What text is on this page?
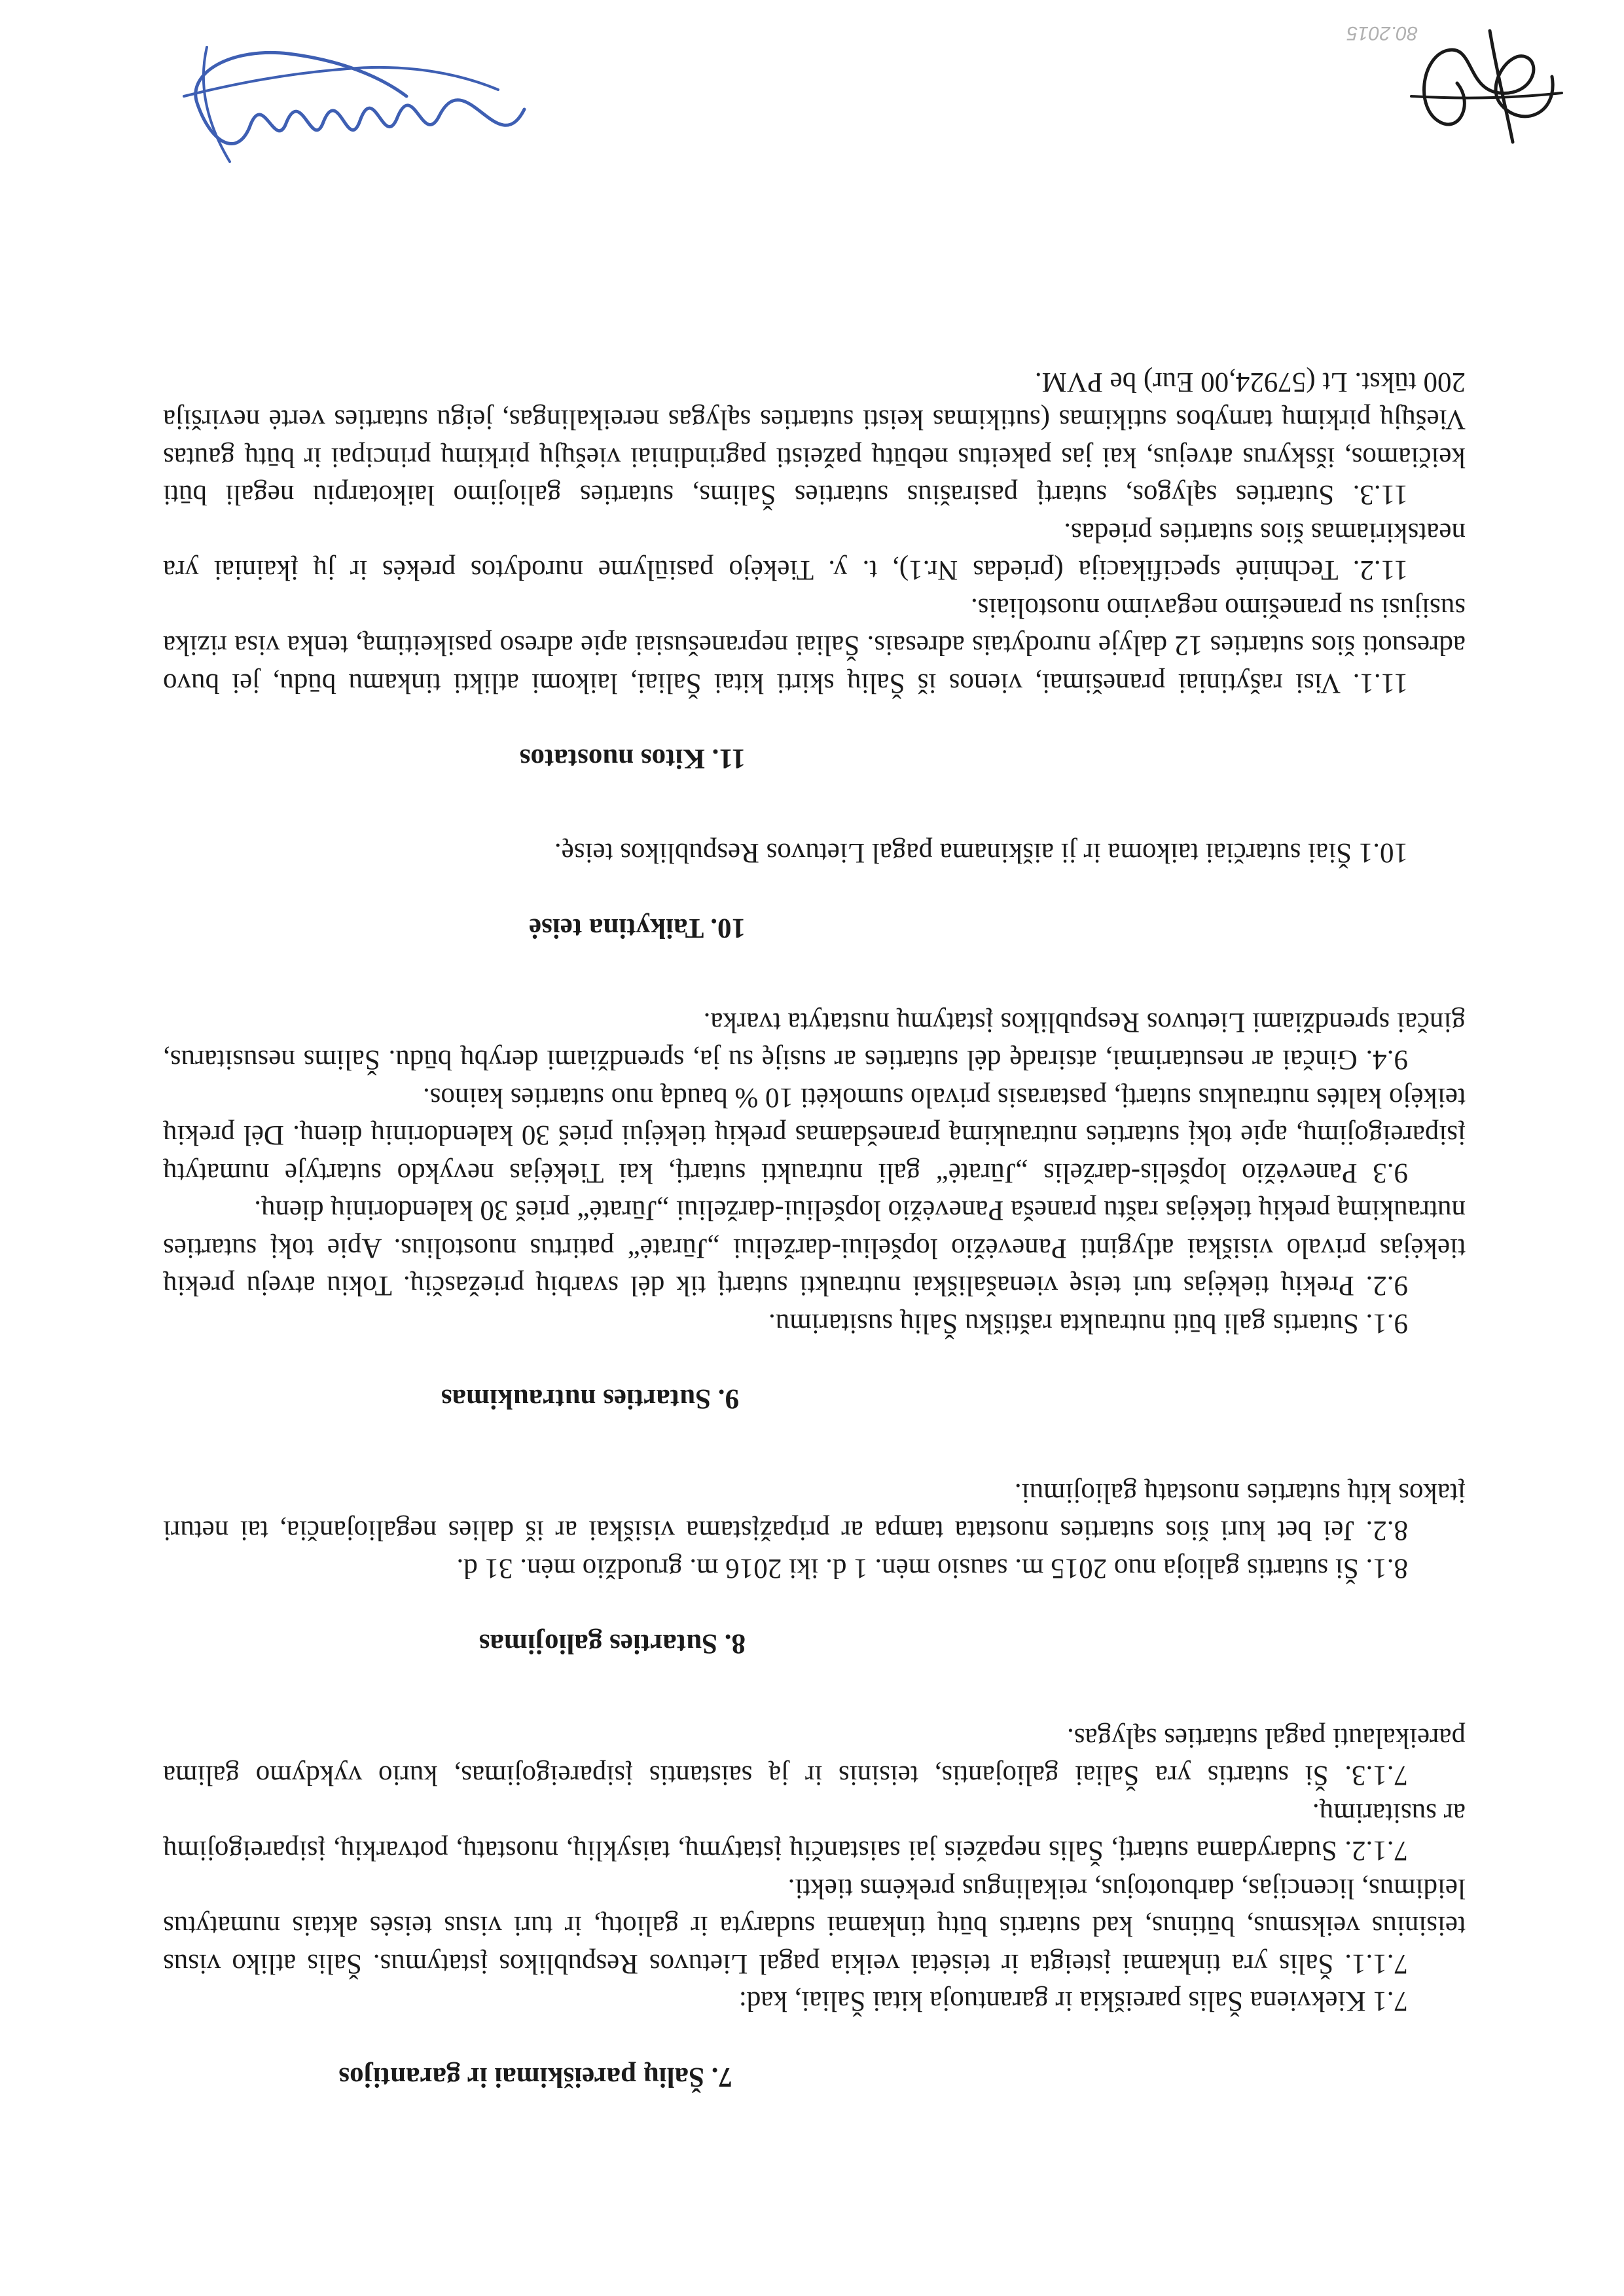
80.2015

7. Šalių pareiškimai ir garantijos

7.1 Kiekviena Šalis pareiškia ir garantuoja kitai Šaliai, kad:

7.1.1. Šalis yra tinkamai įsteigta ir teisėtai veikia pagal Lietuvos Respublikos įstatymus. Šalis atliko visus teisinius veiksmus, būtinus, kad sutartis būtų tinkamai sudaryta ir galiotų, ir turi visus teisės aktais numatytus leidimus, licencijas, darbuotojus, reikalingus prekėms tiekti.

7.1.2. Sudarydama sutartį, Šalis nepažeis jai saistančių įstatymų, taisyklių, nuostatų, potvarkių, įsipareigojimų ar susitarimų.

7.1.3. Ši sutartis yra Šaliai galiojantis, teisinis ir ją saistantis įsipareigojimas, kurio vykdymo galima pareikalauti pagal sutarties sąlygas.

8. Sutarties galiojimas

8.1. Ši sutartis galioja nuo 2015 m. sausio mėn. 1 d. iki 2016 m. gruodžio mėn. 31 d.

8.2. Jei bet kuri šios sutarties nuostata tampa ar pripažįstama visiškai ar iš dalies negaliojančia, tai neturi įtakos kitų sutarties nuostatų galiojimui.

9. Sutarties nutraukimas

9.1. Sutartis gali būti nutraukta raštišku Šalių susitarimu.

9.2. Prekių tiekėjas turi teisę vienašališkai nutraukti sutartį tik dėl svarbių priežasčių. Tokiu atveju prekių tiekėjas privalo visiškai atlyginti Panevėžio lopšeliui-darželiui „Jūratė“ patirtus nuostolius. Apie tokį sutarties nutraukimą prekių tiekėjas raštu praneša Panevėžio lopšeliui-darželiui „Jūratė“ prieš 30 kalendorinių dienų.

9.3 Panevėžio lopšelis-darželis „Jūratė“ gali nutraukti sutartį, kai Tiekėjas nevykdo sutartyje numatytų įsipareigojimų, apie tokį sutarties nutraukimą pranešdamas prekių tiekėjui prieš 30 kalendorinių dienų. Dėl prekių teikėjo kaltės nutraukus sutartį, pastarasis privalo sumokėti 10 % baudą nuo sutarties kainos.

9.4. Ginčai ar nesutarimai, atsiradę dėl sutarties ar susiję su ja, sprendžiami derybų būdu. Šalims nesusitarus, ginčai sprendžiami Lietuvos Respublikos įstatymų nustatyta tvarka.

10. Taikytina teisė

10.1 Šiai sutarčiai taikoma ir ji aiškinama pagal Lietuvos Respublikos teisę.

11. Kitos nuostatos

11.1. Visi rašytiniai pranešimai, vienos iš Šalių skirti kitai Šaliai, laikomi atlikti tinkamu būdu, jei buvo adresuoti šios sutarties 12 dalyje nurodytais adresais. Šaliai nepranešusiai apie adreso pasikeitimą, tenka visa rizika susijusi su pranešimo negavimo nuostoliais.

11.2. Techninė specifikacija (priedas Nr.1), t. y. Tiekėjo pasiūlyme nurodytos prekės ir jų įkainiai yra neatskiriamas šios sutarties priedas.

11.3. Sutarties sąlygos, sutartį pasirašius sutarties Šalims, sutarties galiojimo laikotarpiu negali būti keičiamos, išskyrus atvejus, kai jas pakeitus nebūtų pažeisti pagrindiniai viešųjų pirkimų principai ir būtų gautas Viešųjų pirkimų tarnybos sutikimas (sutikimas keisti sutarties sąlygas nereikalingas, jeigu sutarties vertė neviršija 200 tūkst. Lt (57924,00 Eur) be PVM.
